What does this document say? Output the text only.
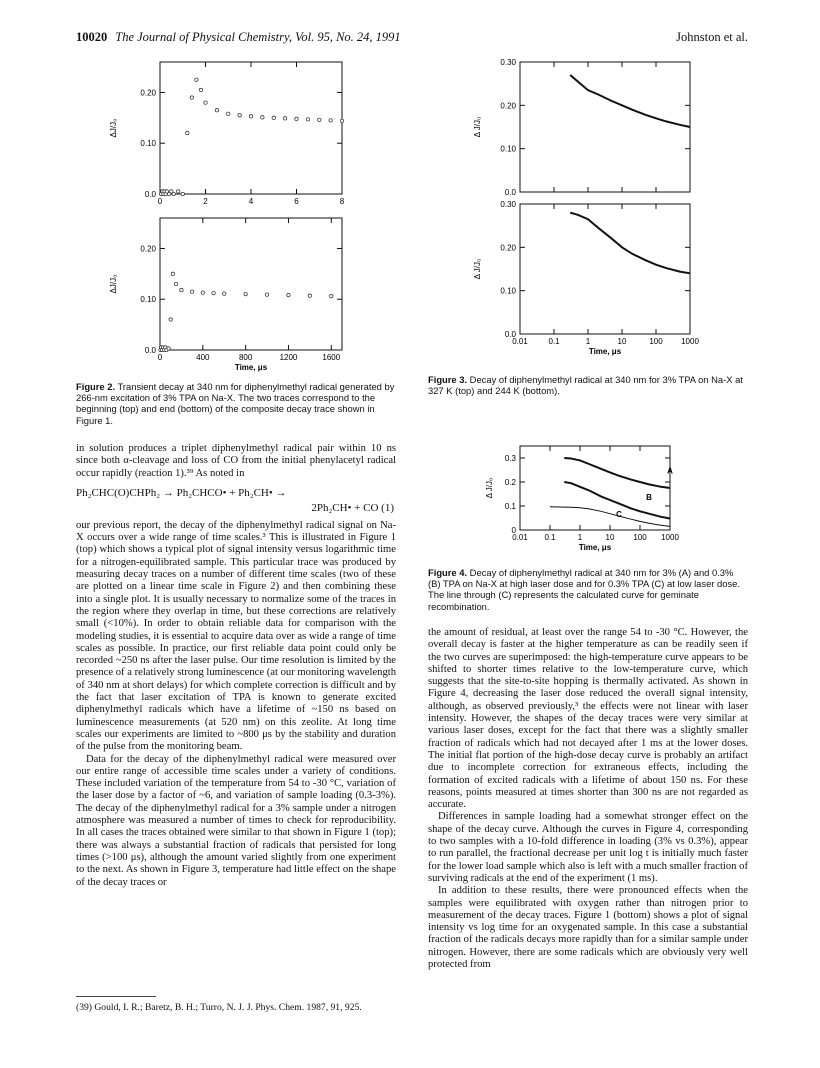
10020 The Journal of Physical Chemistry, Vol. 95, No. 24, 1991	Johnston et al.
0.0
0.10
0.20
0	2	4	6	8
ΔJ/J₀
0.0
0.10
0.20
0	400	800	1200	1600
ΔJ/J₀
Time, μs
Figure 2. Transient decay at 340 nm for diphenylmethyl radical generated by 266-nm excitation of 3% TPA on Na-X. The two traces correspond to the beginning (top) and end (bottom) of the composite decay trace shown in Figure 1.
0.0
0.10
0.20
0.30
Δ J/J₀
0.0
0.10
0.20
0.30
0.01	0.1	1	10	100 1000
Δ J/J₀
Time, μs
Figure 3. Decay of diphenylmethyl radical at 340 nm for 3% TPA on Na-X at 327 K (top) and 244 K (bottom).
0
0.1
0.2
0.3
0.01 0.1	1	10 100 1000
Δ J/J₀
Time, μs
A
B
C
Figure 4. Decay of diphenylmethyl radical at 340 nm for 3% (A) and 0.3% (B) TPA on Na-X at high laser dose and for 0.3% TPA (C) at low laser dose. The line through (C) represents the calculated curve for geminate recombination.

in solution produces a triplet diphenylmethyl radical pair within 10 ns since both α-cleavage and loss of CO from the initial phenylacetyl radical occur rapidly (reaction 1).³⁹ As noted in

Ph₂CHC(O)CHPh₂ → Ph₂CHCO• + Ph₂CH• →
2Ph₂CH• + CO (1)

our previous report, the decay of the diphenylmethyl radical signal on Na-X occurs over a wide range of time scales.³ This is illustrated in Figure 1 (top) which shows a typical plot of signal intensity versus logarithmic time for a nitrogen-equilibrated sample. This particular trace was produced by measuring decay traces on a number of different time scales (two of these are plotted on a linear time scale in Figure 2) and then combining these into a single plot. It is usually necessary to normalize some of the traces in the region where they overlap in time, but these corrections are relatively small (<10%). In order to obtain reliable data for comparison with the modeling studies, it is essential to acquire data over as wide a range of time scales as possible. In practice, our first reliable data point could only be recorded ~250 ns after the laser pulse. Our time resolution is limited by the presence of a relatively strong luminescence (at our monitoring wavelength of 340 nm at short delays) for which complete correction is difficult and by the fact that laser excitation of TPA is known to generate excited diphenylmethyl radicals which have a lifetime of ~150 ns based on luminescence measurements (at 520 nm) on this zeolite. At long time scales our experiments are limited to ~800 μs by the stability and duration of the pulse from the monitoring beam.

Data for the decay of the diphenylmethyl radical were measured over our entire range of accessible time scales under a variety of conditions. These included variation of the temperature from 54 to -30 °C, variation of the laser dose by a factor of ~6, and variation of sample loading (0.3-3%). The decay of the diphenylmethyl radical for a 3% sample under a nitrogen atmosphere was measured a number of times to check for reproducibility. In all cases the traces obtained were similar to that shown in Figure 1 (top); there was always a substantial fraction of radicals that persisted for long times (>100 μs), although the amount varied slightly from one experiment to the next. As shown in Figure 3, temperature had little effect on the shape of the decay traces or

(39) Gould, I. R.; Baretz, B. H.; Turro, N. J. J. Phys. Chem. 1987, 91, 925.

the amount of residual, at least over the range 54 to -30 °C. However, the overall decay is faster at the higher temperature as can be readily seen if the two curves are superimposed: the high-temperature curve appears to be shifted to shorter times relative to the low-temperature curve, which suggests that the site-to-site hopping is thermally activated. As shown in Figure 4, decreasing the laser dose reduced the overall signal intensity, although, as observed previously,³ the effects were not linear with laser intensity. However, the shapes of the decay traces were very similar at various laser doses, except for the fact that there was a slightly smaller fraction of radicals which had not decayed after 1 ms at the lower doses. The initial flat portion of the high-dose decay curve is probably an artifact due to incomplete correction for extraneous effects, including the formation of excited radicals with a lifetime of about 150 ns. For these reasons, points measured at times shorter than 300 ns are not regarded as accurate.

Differences in sample loading had a somewhat stronger effect on the shape of the decay curve. Although the curves in Figure 4, corresponding to two samples with a 10-fold difference in loading (3% vs 0.3%), appear to run parallel, the fractional decrease per unit log t is initially much faster for the lower load sample which also is left with a much smaller fraction of surviving radicals at the end of the experiment (1 ms).

In addition to these results, there were pronounced effects when the samples were equilibrated with oxygen rather than nitrogen prior to measurement of the decay traces. Figure 1 (bottom) shows a plot of signal intensity vs log time for an oxygenated sample. In this case a substantial fraction of the radicals decays more rapidly than for a similar sample under nitrogen. However, there are some radicals which are obviously very well protected from
